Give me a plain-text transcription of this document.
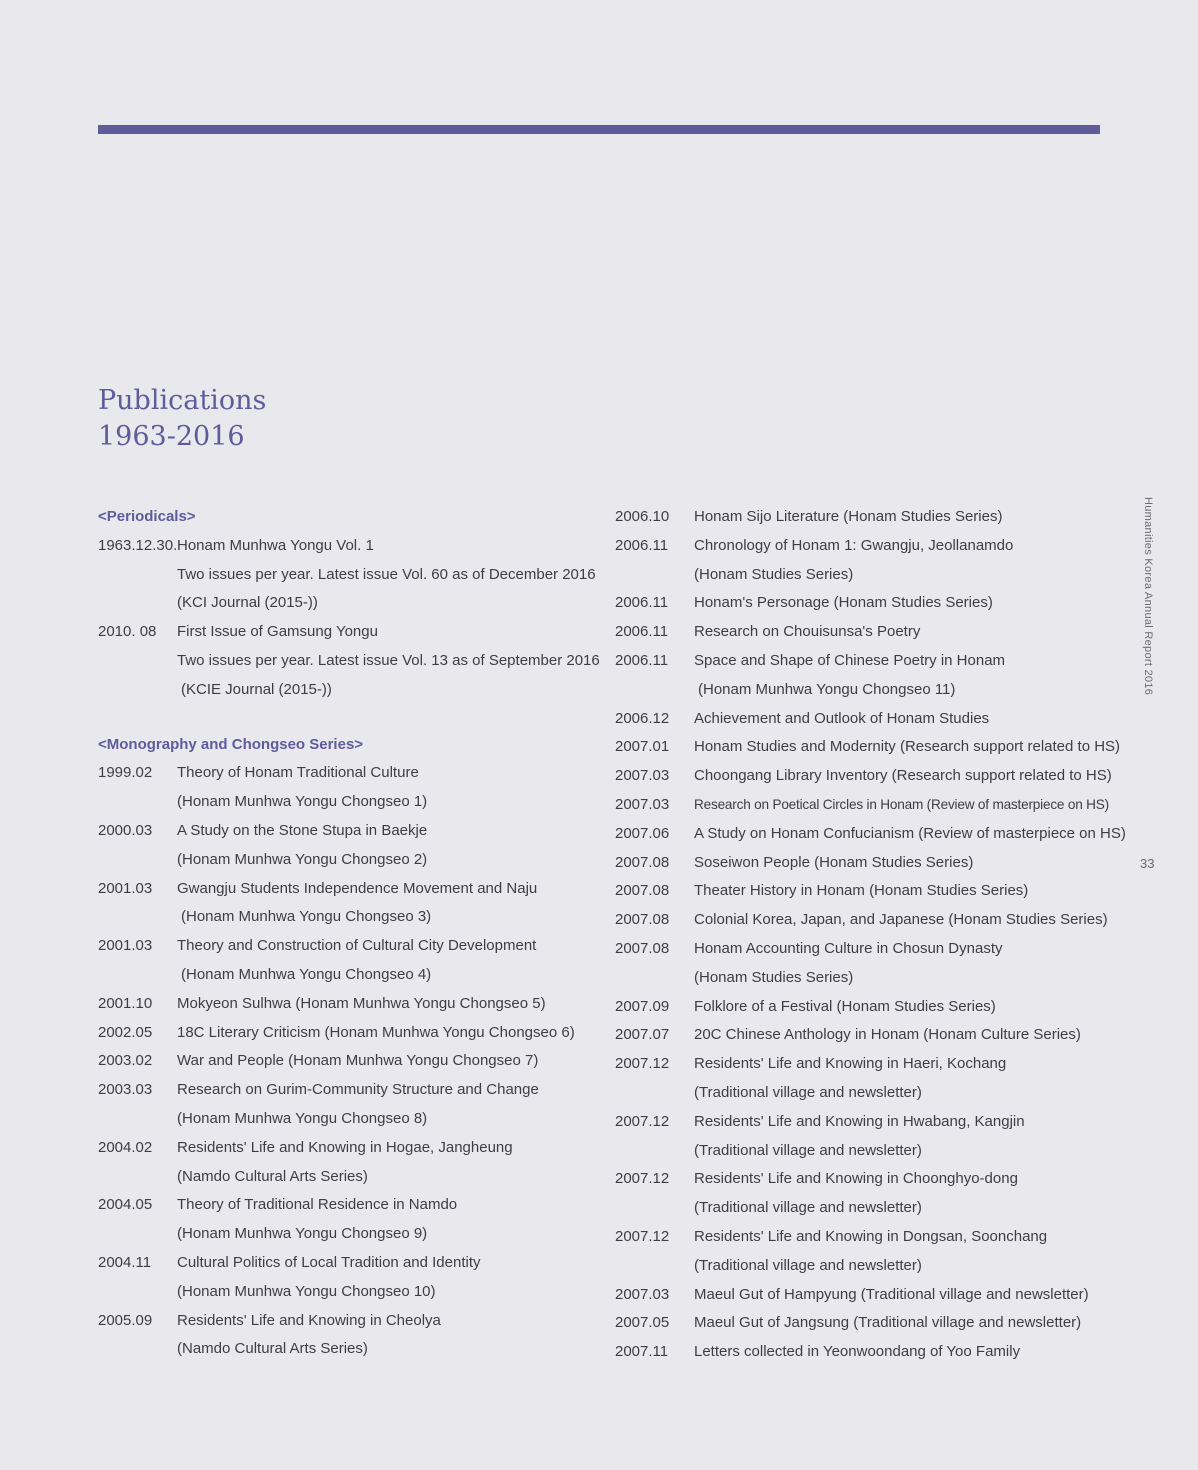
Publications
1963-2016
<Periodicals>
1963.12.30. Honam Munhwa Yongu Vol. 1
Two issues per year. Latest issue Vol. 60 as of December 2016
(KCI Journal (2015-))
2010. 08	First Issue of Gamsung Yongu
Two issues per year. Latest issue Vol. 13 as of September 2016
(KCIE Journal (2015-))
<Monography and Chongseo Series>
1999.02	Theory of Honam Traditional Culture
(Honam Munhwa Yongu Chongseo 1)
2000.03	A Study on the Stone Stupa in Baekje
(Honam Munhwa Yongu Chongseo 2)
2001.03	Gwangju Students Independence Movement and Naju
(Honam Munhwa Yongu Chongseo 3)
2001.03	Theory and Construction of Cultural City Development
(Honam Munhwa Yongu Chongseo 4)
2001.10	Mokyeon Sulhwa (Honam Munhwa Yongu Chongseo 5)
2002.05	18C Literary Criticism (Honam Munhwa Yongu Chongseo 6)
2003.02	War and People (Honam Munhwa Yongu Chongseo 7)
2003.03	Research on Gurim-Community Structure and Change
(Honam Munhwa Yongu Chongseo 8)
2004.02	Residents' Life and Knowing in Hogae, Jangheung
(Namdo Cultural Arts Series)
2004.05	Theory of Traditional Residence in Namdo
(Honam Munhwa Yongu Chongseo 9)
2004.11	Cultural Politics of Local Tradition and Identity
(Honam Munhwa Yongu Chongseo 10)
2005.09	Residents' Life and Knowing in Cheolya
(Namdo Cultural Arts Series)
2006.10	Honam Sijo Literature (Honam Studies Series)
2006.11	Chronology of Honam 1: Gwangju, Jeollanamdo
(Honam Studies Series)
2006.11	Honam's Personage (Honam Studies Series)
2006.11	Research on Chouisunsa's Poetry
2006.11	Space and Shape of Chinese Poetry in Honam
(Honam Munhwa Yongu Chongseo 11)
2006.12	Achievement and Outlook of Honam Studies
2007.01	Honam Studies and Modernity (Research support related to HS)
2007.03	Choongang Library Inventory (Research support related to HS)
2007.03	Research on Poetical Circles in Honam (Review of masterpiece on HS)
2007.06	A Study on Honam Confucianism (Review of masterpiece on HS)
2007.08	Soseiwon People (Honam Studies Series)
2007.08	Theater History in Honam (Honam Studies Series)
2007.08	Colonial Korea, Japan, and Japanese (Honam Studies Series)
2007.08	Honam Accounting Culture in Chosun Dynasty
(Honam Studies Series)
2007.09	Folklore of a Festival (Honam Studies Series)
2007.07	20C Chinese Anthology in Honam (Honam Culture Series)
2007.12	Residents' Life and Knowing in Haeri, Kochang
(Traditional village and newsletter)
2007.12	Residents' Life and Knowing in Hwabang, Kangjin
(Traditional village and newsletter)
2007.12	Residents' Life and Knowing in Choonghyo-dong
(Traditional village and newsletter)
2007.12	Residents' Life and Knowing in Dongsan, Soonchang
(Traditional village and newsletter)
2007.03	Maeul Gut of Hampyung (Traditional village and newsletter)
2007.05	Maeul Gut of Jangsung (Traditional village and newsletter)
2007.11	Letters collected in Yeonwoondang of Yoo Family
Humanities Korea Annual Report 2016
33
